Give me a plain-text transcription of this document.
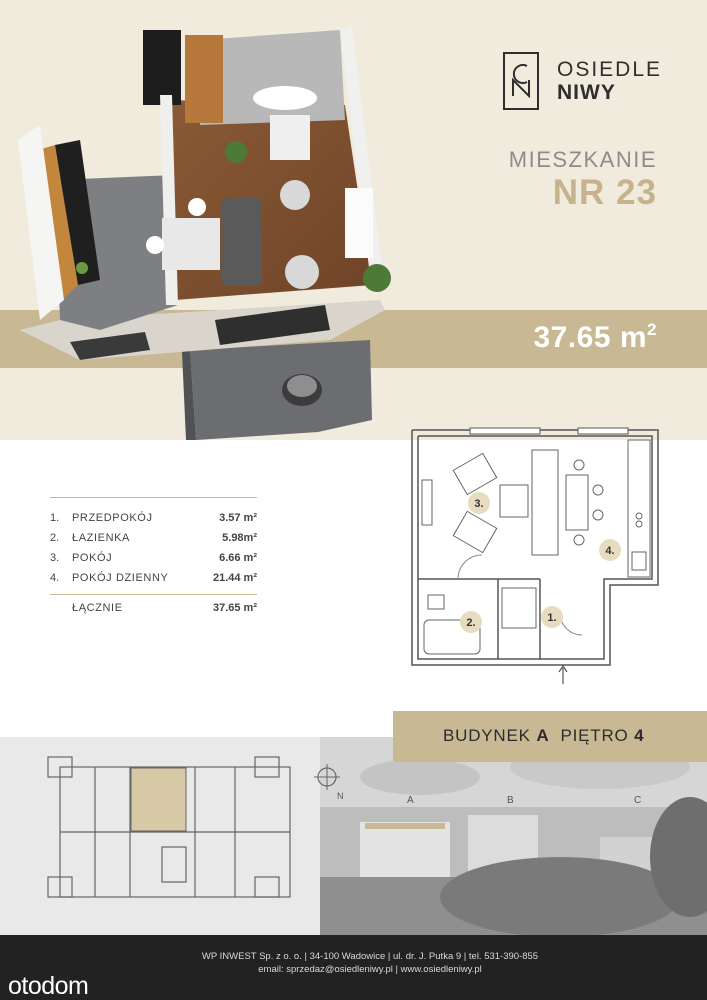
OSIEDLE
NIWY
MIESZKANIE
NR 23
37.65 $m^2$
1.	PRZEDPOKÓJ	3.57 m²
2.	ŁAZIENKA	5.98m²
3.	POKÓJ	6.66 m²
4.	POKÓJ DZIENNY	21.44 m²
ŁĄCZNIE	37.65 m²
1.
2.
3.
4.
N	A	B	C
BUDYNEK A PIĘTRO 4
WP INWEST Sp. z o. o. | 34-100 Wadowice | ul. dr. J. Putka 9 | tel. 531-390-855
email: sprzedaz@osiedleniwy.pl | www.osiedleniwy.pl
otodom
